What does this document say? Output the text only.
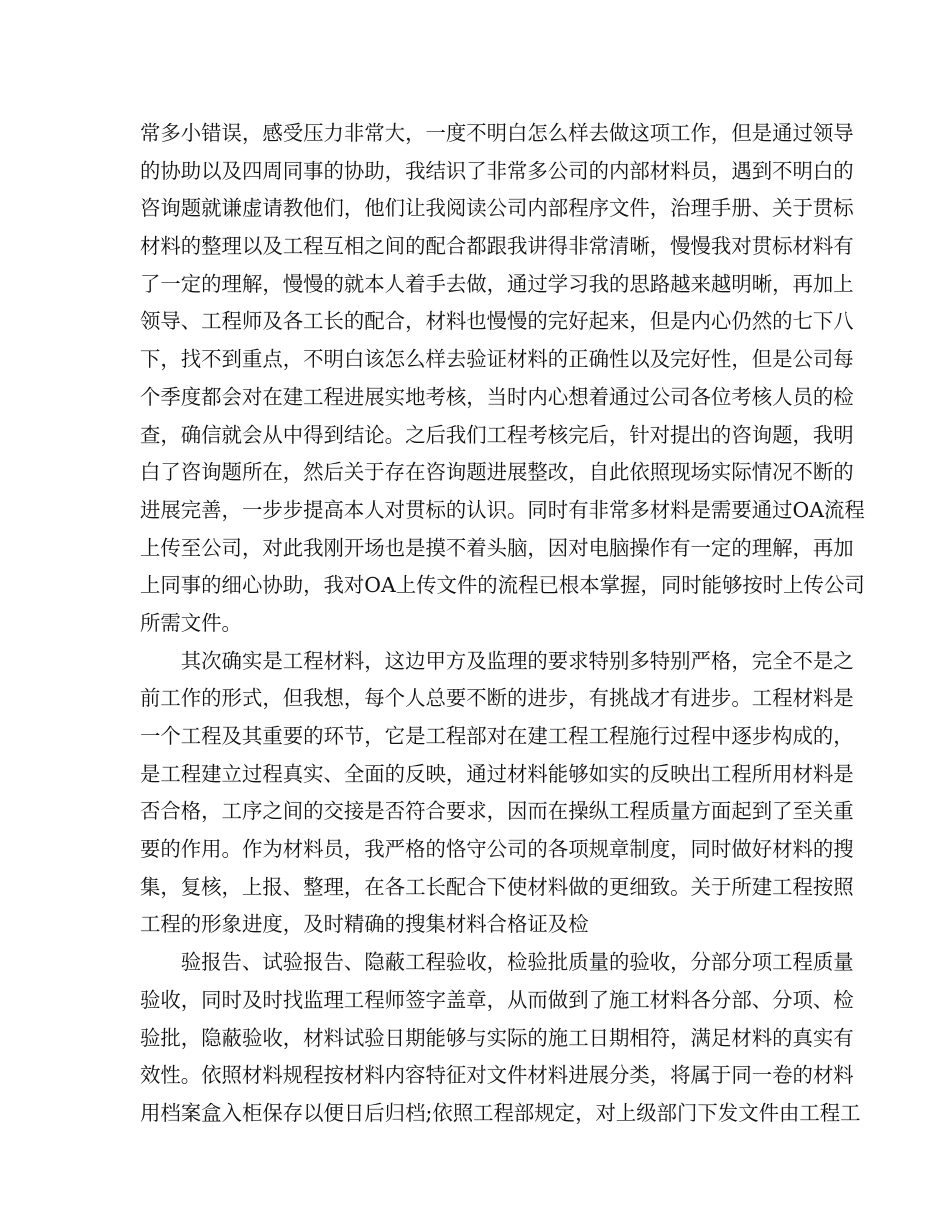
常多小错误，感受压力非常大，一度不明白怎么样去做这项工作，但是通过领导
的协助以及四周同事的协助，我结识了非常多公司的内部材料员，遇到不明白的
咨询题就谦虚请教他们，他们让我阅读公司内部程序文件，治理手册、关于贯标
材料的整理以及工程互相之间的配合都跟我讲得非常清晰，慢慢我对贯标材料有
了一定的理解，慢慢的就本人着手去做，通过学习我的思路越来越明晰，再加上
领导、工程师及各工长的配合，材料也慢慢的完好起来，但是内心仍然的七下八
下，找不到重点，不明白该怎么样去验证材料的正确性以及完好性，但是公司每
个季度都会对在建工程进展实地考核，当时内心想着通过公司各位考核人员的检
查，确信就会从中得到结论。之后我们工程考核完后，针对提出的咨询题，我明
白了咨询题所在，然后关于存在咨询题进展整改，自此依照现场实际情况不断的
进展完善，一步步提高本人对贯标的认识。同时有非常多材料是需要通过OA流程
上传至公司，对此我刚开场也是摸不着头脑，因对电脑操作有一定的理解，再加
上同事的细心协助，我对OA上传文件的流程已根本掌握，同时能够按时上传公司
所需文件。
　　其次确实是工程材料，这边甲方及监理的要求特别多特别严格，完全不是之
前工作的形式，但我想，每个人总要不断的进步，有挑战才有进步。工程材料是
一个工程及其重要的环节，它是工程部对在建工程工程施行过程中逐步构成的，
是工程建立过程真实、全面的反映，通过材料能够如实的反映出工程所用材料是
否合格，工序之间的交接是否符合要求，因而在操纵工程质量方面起到了至关重
要的作用。作为材料员，我严格的恪守公司的各项规章制度，同时做好材料的搜
集，复核，上报、整理，在各工长配合下使材料做的更细致。关于所建工程按照
工程的形象进度，及时精确的搜集材料合格证及检
　　验报告、试验报告、隐蔽工程验收，检验批质量的验收，分部分项工程质量
验收，同时及时找监理工程师签字盖章，从而做到了施工材料各分部、分项、检
验批，隐蔽验收，材料试验日期能够与实际的施工日期相符，满足材料的真实有
效性。依照材料规程按材料内容特征对文件材料进展分类，将属于同一卷的材料
用档案盒入柜保存以便日后归档;依照工程部规定，对上级部门下发文件由工程工
